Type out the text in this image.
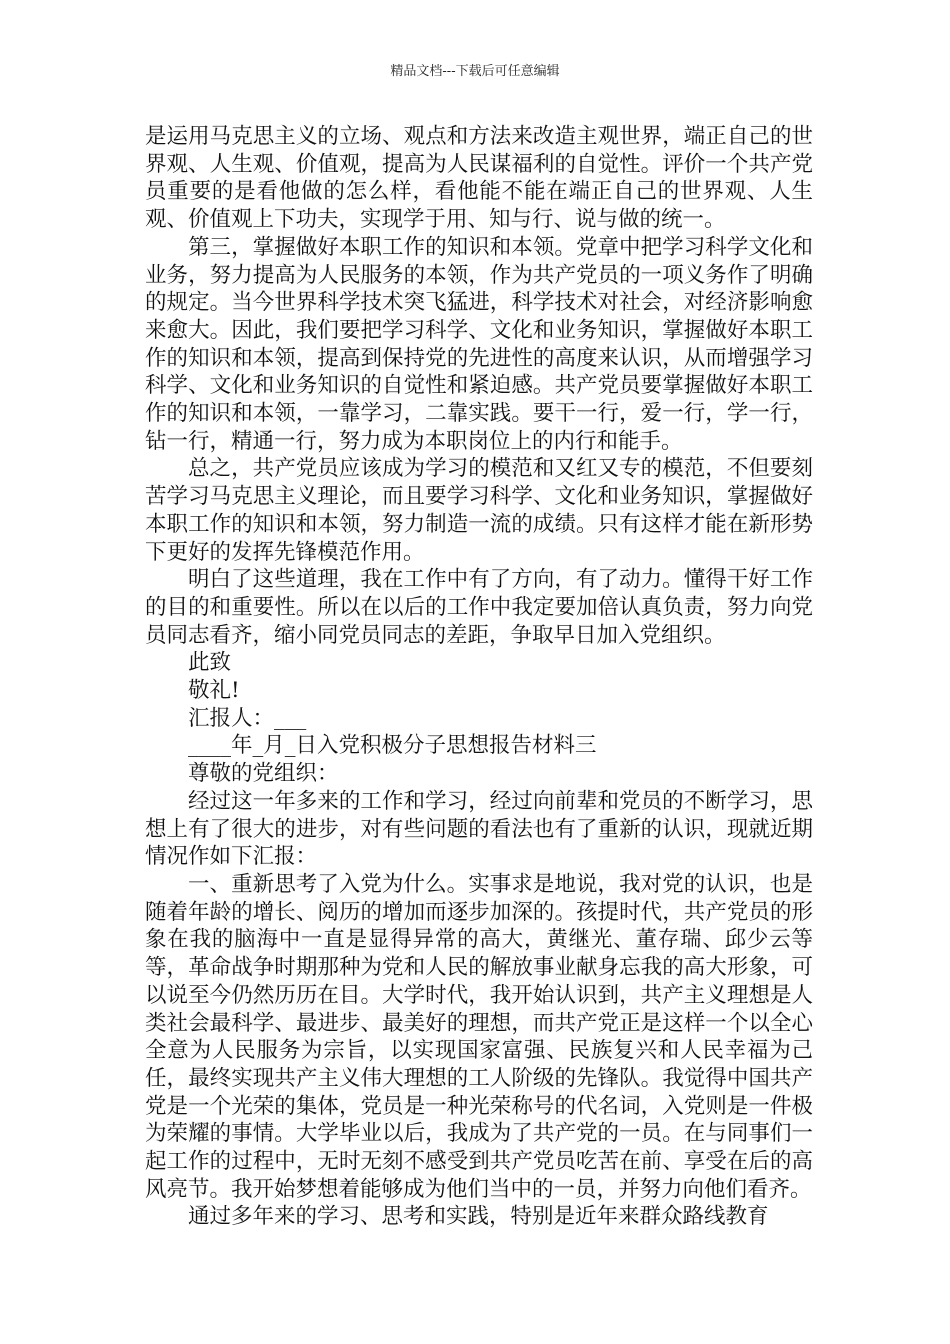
精品文档---下载后可任意编辑

是运用马克思主义的立场、观点和方法来改造主观世界，端正自己的世界观、人生观、价值观，提高为人民谋福利的自觉性。评价一个共产党员重要的是看他做的怎么样，看他能不能在端正自己的世界观、人生观、价值观上下功夫，实现学于用、知与行、说与做的统一。

第三，掌握做好本职工作的知识和本领。党章中把学习科学文化和业务，努力提高为人民服务的本领，作为共产党员的一项义务作了明确的规定。当今世界科学技术突飞猛进，科学技术对社会，对经济影响愈来愈大。因此，我们要把学习科学、文化和业务知识，掌握做好本职工作的知识和本领，提高到保持党的先进性的高度来认识，从而增强学习科学、文化和业务知识的自觉性和紧迫感。共产党员要掌握做好本职工作的知识和本领，一靠学习，二靠实践。要干一行，爱一行，学一行，钻一行，精通一行，努力成为本职岗位上的内行和能手。

总之，共产党员应该成为学习的模范和又红又专的模范，不但要刻苦学习马克思主义理论，而且要学习科学、文化和业务知识，掌握做好本职工作的知识和本领，努力制造一流的成绩。只有这样才能在新形势下更好的发挥先锋模范作用。

明白了这些道理，我在工作中有了方向，有了动力。懂得干好工作的目的和重要性。所以在以后的工作中我定要加倍认真负责，努力向党员同志看齐，缩小同党员同志的差距，争取早日加入党组织。

此致

敬礼!

汇报人：___

____年_月_日入党积极分子思想报告材料三

尊敬的党组织：

经过这一年多来的工作和学习，经过向前辈和党员的不断学习，思想上有了很大的进步，对有些问题的看法也有了重新的认识，现就近期情况作如下汇报：

一、重新思考了入党为什么。实事求是地说，我对党的认识，也是随着年龄的增长、阅历的增加而逐步加深的。孩提时代，共产党员的形象在我的脑海中一直是显得异常的高大，黄继光、董存瑞、邱少云等等，革命战争时期那种为党和人民的解放事业献身忘我的高大形象，可以说至今仍然历历在目。大学时代，我开始认识到，共产主义理想是人类社会最科学、最进步、最美好的理想，而共产党正是这样一个以全心全意为人民服务为宗旨，以实现国家富强、民族复兴和人民幸福为己任，最终实现共产主义伟大理想的工人阶级的先锋队。我觉得中国共产党是一个光荣的集体，党员是一种光荣称号的代名词，入党则是一件极为荣耀的事情。大学毕业以后，我成为了共产党的一员。在与同事们一起工作的过程中，无时无刻不感受到共产党员吃苦在前、享受在后的高风亮节。我开始梦想着能够成为他们当中的一员，并努力向他们看齐。

通过多年来的学习、思考和实践，特别是近年来群众路线教育
